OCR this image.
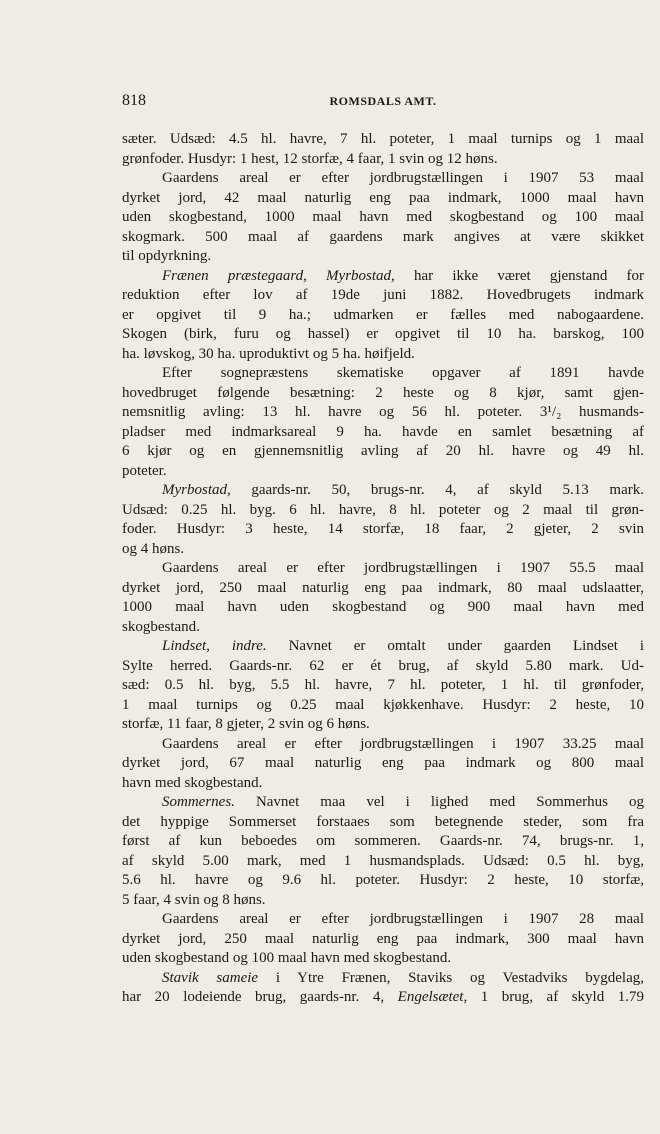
818	ROMSDALS AMT.
sæter. Udsæd: 4.5 hl. havre, 7 hl. poteter, 1 maal turnips og 1 maal
grønfoder. Husdyr: 1 hest, 12 storfæ, 4 faar, 1 svin og 12 høns.
Gaardens areal er efter jordbrugstællingen i 1907 53 maal
dyrket jord, 42 maal naturlig eng paa indmark, 1000 maal havn
uden skogbestand, 1000 maal havn med skogbestand og 100 maal
skogmark. 500 maal af gaardens mark angives at være skikket
til opdyrkning.
Frænen præstegaard, Myrbostad, har ikke været gjenstand for
reduktion efter lov af 19de juni 1882. Hovedbrugets indmark
er opgivet til 9 ha.; udmarken er fælles med nabogaardene.
Skogen (birk, furu og hassel) er opgivet til 10 ha. barskog, 100
ha. løvskog, 30 ha. uproduktivt og 5 ha. høifjeld.
Efter sognepræstens skematiske opgaver af 1891 havde
hovedbruget følgende besætning: 2 heste og 8 kjør, samt gjen-
nemsnitlig avling: 13 hl. havre og 56 hl. poteter. 3¹/₂ husmands-
pladser med indmarksareal 9 ha. havde en samlet besætning af
6 kjør og en gjennemsnitlig avling af 20 hl. havre og 49 hl.
poteter.
Myrbostad, gaards-nr. 50, brugs-nr. 4, af skyld 5.13 mark.
Udsæd: 0.25 hl. byg. 6 hl. havre, 8 hl. poteter og 2 maal til grøn-
foder. Husdyr: 3 heste, 14 storfæ, 18 faar, 2 gjeter, 2 svin
og 4 høns.
Gaardens areal er efter jordbrugstællingen i 1907 55.5 maal
dyrket jord, 250 maal naturlig eng paa indmark, 80 maal udslaatter,
1000 maal havn uden skogbestand og 900 maal havn med
skogbestand.
Lindset, indre. Navnet er omtalt under gaarden Lindset i
Sylte herred. Gaards-nr. 62 er ét brug, af skyld 5.80 mark. Ud-
sæd: 0.5 hl. byg, 5.5 hl. havre, 7 hl. poteter, 1 hl. til grønfoder,
1 maal turnips og 0.25 maal kjøkkenhave. Husdyr: 2 heste, 10
storfæ, 11 faar, 8 gjeter, 2 svin og 6 høns.
Gaardens areal er efter jordbrugstællingen i 1907 33.25 maal
dyrket jord, 67 maal naturlig eng paa indmark og 800 maal
havn med skogbestand.
Sommernes. Navnet maa vel i lighed med Sommerhus og
det hyppige Sommerset forstaaes som betegnende steder, som fra
først af kun beboedes om sommeren. Gaards-nr. 74, brugs-nr. 1,
af skyld 5.00 mark, med 1 husmandsplads. Udsæd: 0.5 hl. byg,
5.6 hl. havre og 9.6 hl. poteter. Husdyr: 2 heste, 10 storfæ,
5 faar, 4 svin og 8 høns.
Gaardens areal er efter jordbrugstællingen i 1907 28 maal
dyrket jord, 250 maal naturlig eng paa indmark, 300 maal havn
uden skogbestand og 100 maal havn med skogbestand.
Stavik sameie i Ytre Frænen, Staviks og Vestadviks bygdelag,
har 20 lodeiende brug, gaards-nr. 4, Engelsætet, 1 brug, af skyld 1.79
